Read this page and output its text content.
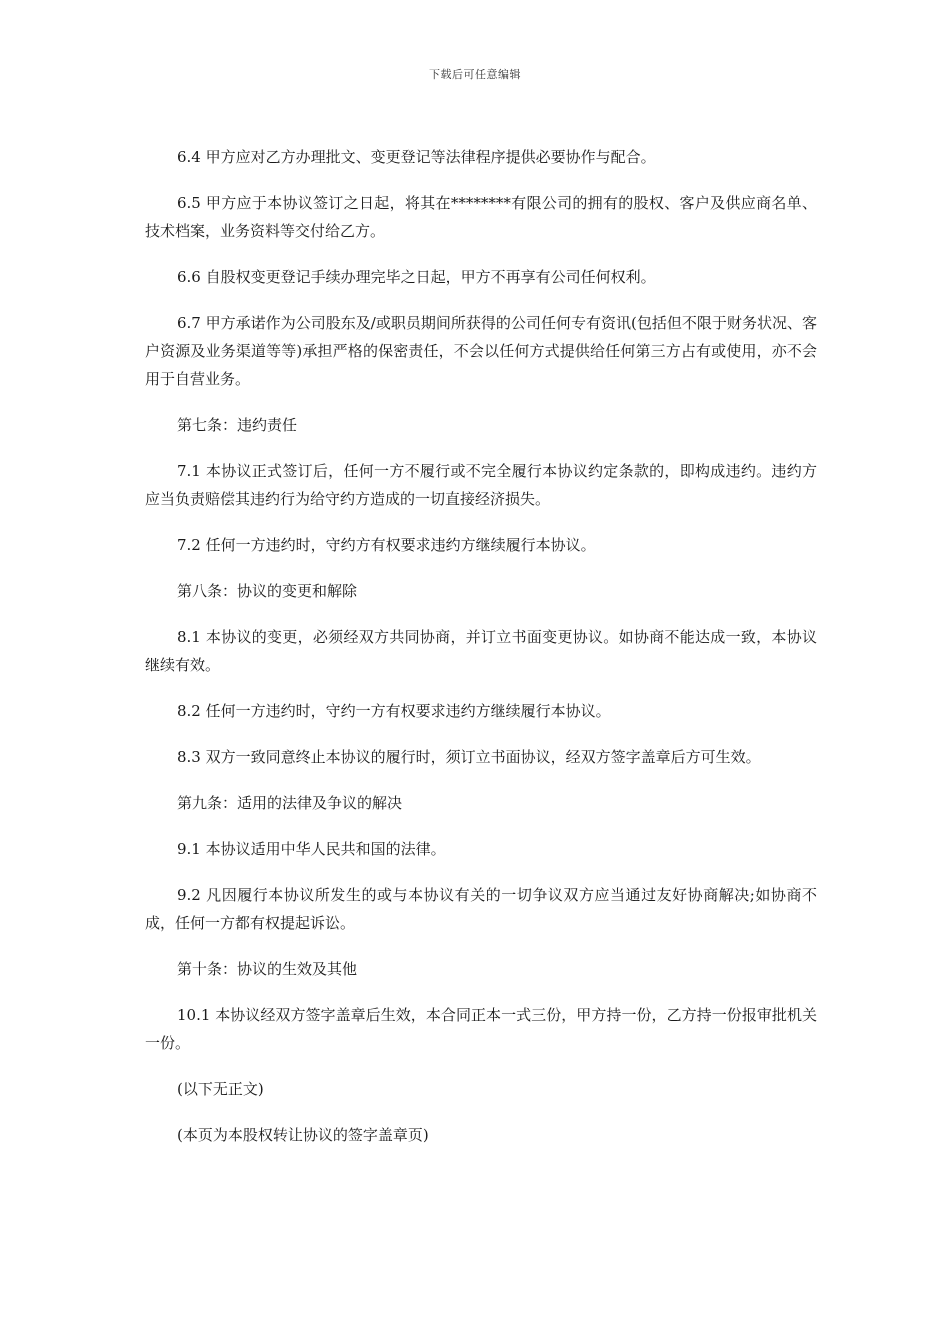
下载后可任意编辑

6.4 甲方应对乙方办理批文、变更登记等法律程序提供必要协作与配合。

6.5 甲方应于本协议签订之日起，将其在********有限公司的拥有的股权、客户及供应商名单、技术档案，业务资料等交付给乙方。

6.6 自股权变更登记手续办理完毕之日起，甲方不再享有公司任何权利。

6.7 甲方承诺作为公司股东及/或职员期间所获得的公司任何专有资讯(包括但不限于财务状况、客户资源及业务渠道等等)承担严格的保密责任，不会以任何方式提供给任何第三方占有或使用，亦不会用于自营业务。

第七条：违约责任

7.1 本协议正式签订后，任何一方不履行或不完全履行本协议约定条款的，即构成违约。违约方应当负责赔偿其违约行为给守约方造成的一切直接经济损失。

7.2 任何一方违约时，守约方有权要求违约方继续履行本协议。

第八条：协议的变更和解除

8.1 本协议的变更，必须经双方共同协商，并订立书面变更协议。如协商不能达成一致，本协议继续有效。

8.2 任何一方违约时，守约一方有权要求违约方继续履行本协议。

8.3 双方一致同意终止本协议的履行时，须订立书面协议，经双方签字盖章后方可生效。

第九条：适用的法律及争议的解决

9.1 本协议适用中华人民共和国的法律。

9.2 凡因履行本协议所发生的或与本协议有关的一切争议双方应当通过友好协商解决;如协商不成，任何一方都有权提起诉讼。

第十条：协议的生效及其他

10.1 本协议经双方签字盖章后生效，本合同正本一式三份，甲方持一份，乙方持一份报审批机关一份。

(以下无正文)

(本页为本股权转让协议的签字盖章页)
